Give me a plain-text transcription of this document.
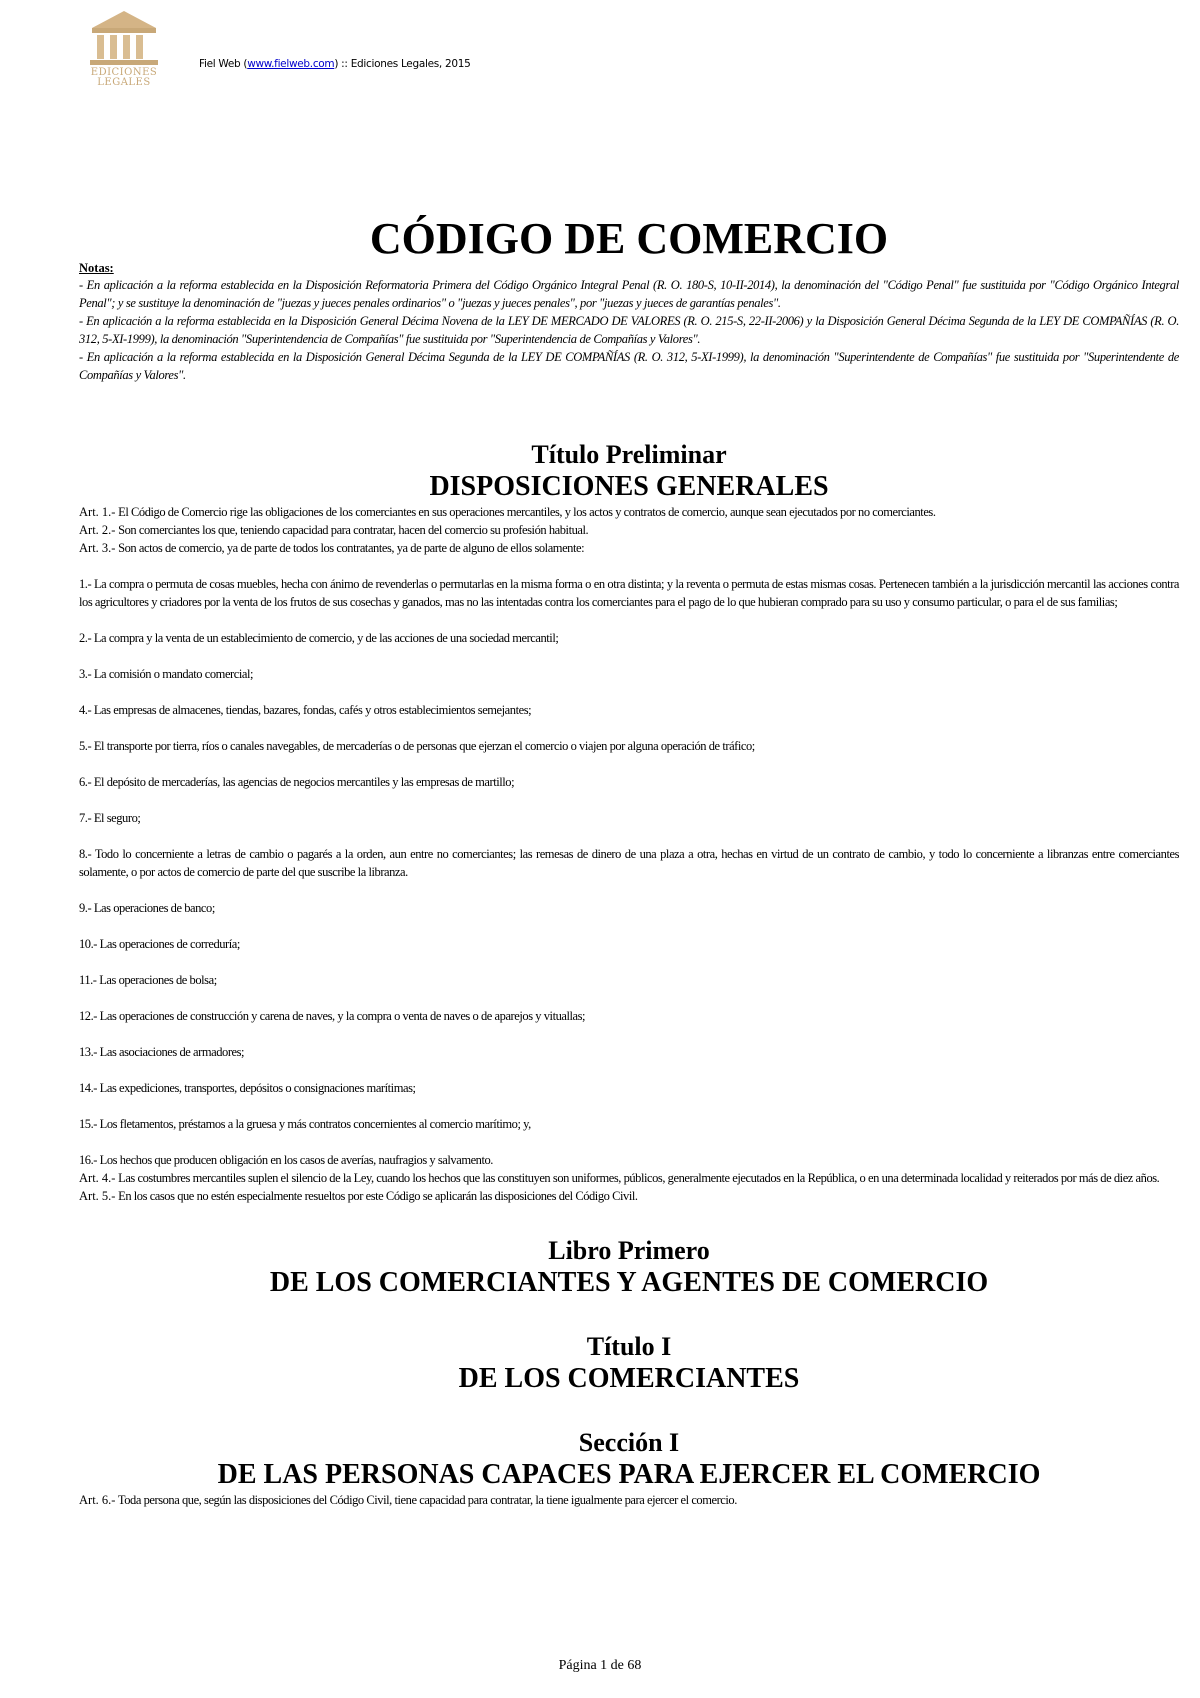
EDICIONES
LEGALES
Fiel Web (www.fielweb.com) :: Ediciones Legales, 2015
CÓDIGO DE COMERCIO
Notas:

- En aplicación a la reforma establecida en la Disposición Reformatoria Primera del Código Orgánico Integral Penal (R. O. 180-S, 10-II-2014), la denominación del "Código Penal" fue sustituida por "Código Orgánico Integral Penal"; y se sustituye la denominación de "juezas y jueces penales ordinarios" o "juezas y jueces penales", por "juezas y jueces de garantías penales".

- En aplicación a la reforma establecida en la Disposición General Décima Novena de la LEY DE MERCADO DE VALORES (R. O. 215-S, 22-II-2006) y la Disposición General Décima Segunda de la LEY DE COMPAÑÍAS (R. O. 312, 5-XI-1999), la denominación "Superintendencia de Compañías" fue sustituida por "Superintendencia de Compañías y Valores".

- En aplicación a la reforma establecida en la Disposición General Décima Segunda de la LEY DE COMPAÑÍAS (R. O. 312, 5-XI-1999), la denominación "Superintendente de Compañías" fue sustituida por "Superintendente de Compañías y Valores".

Título Preliminar
DISPOSICIONES GENERALES

Art. 1.- El Código de Comercio rige las obligaciones de los comerciantes en sus operaciones mercantiles, y los actos y contratos de comercio, aunque sean ejecutados por no comerciantes.

Art. 2.- Son comerciantes los que, teniendo capacidad para contratar, hacen del comercio su profesión habitual.

Art. 3.- Son actos de comercio, ya de parte de todos los contratantes, ya de parte de alguno de ellos solamente:

1.- La compra o permuta de cosas muebles, hecha con ánimo de revenderlas o permutarlas en la misma forma o en otra distinta; y la reventa o permuta de estas mismas cosas. Pertenecen también a la jurisdicción mercantil las acciones contra los agricultores y criadores por la venta de los frutos de sus cosechas y ganados, mas no las intentadas contra los comerciantes para el pago de lo que hubieran comprado para su uso y consumo particular, o para el de sus familias;

2.- La compra y la venta de un establecimiento de comercio, y de las acciones de una sociedad mercantil;

3.- La comisión o mandato comercial;

4.- Las empresas de almacenes, tiendas, bazares, fondas, cafés y otros establecimientos semejantes;

5.- El transporte por tierra, ríos o canales navegables, de mercaderías o de personas que ejerzan el comercio o viajen por alguna operación de tráfico;

6.- El depósito de mercaderías, las agencias de negocios mercantiles y las empresas de martillo;

7.- El seguro;

8.- Todo lo concerniente a letras de cambio o pagarés a la orden, aun entre no comerciantes; las remesas de dinero de una plaza a otra, hechas en virtud de un contrato de cambio, y todo lo concerniente a libranzas entre comerciantes solamente, o por actos de comercio de parte del que suscribe la libranza.

9.- Las operaciones de banco;

10.- Las operaciones de correduría;

11.- Las operaciones de bolsa;

12.- Las operaciones de construcción y carena de naves, y la compra o venta de naves o de aparejos y vituallas;

13.- Las asociaciones de armadores;

14.- Las expediciones, transportes, depósitos o consignaciones marítimas;

15.- Los fletamentos, préstamos a la gruesa y más contratos concernientes al comercio marítimo; y,

16.- Los hechos que producen obligación en los casos de averías, naufragios y salvamento.

Art. 4.- Las costumbres mercantiles suplen el silencio de la Ley, cuando los hechos que las constituyen son uniformes, públicos, generalmente ejecutados en la República, o en una determinada localidad y reiterados por más de diez años.

Art. 5.- En los casos que no estén especialmente resueltos por este Código se aplicarán las disposiciones del Código Civil.

Libro Primero
DE LOS COMERCIANTES Y AGENTES DE COMERCIO
Título I
DE LOS COMERCIANTES
Sección I
DE LAS PERSONAS CAPACES PARA EJERCER EL COMERCIO

Art. 6.- Toda persona que, según las disposiciones del Código Civil, tiene capacidad para contratar, la tiene igualmente para ejercer el comercio.

Página 1 de 68
